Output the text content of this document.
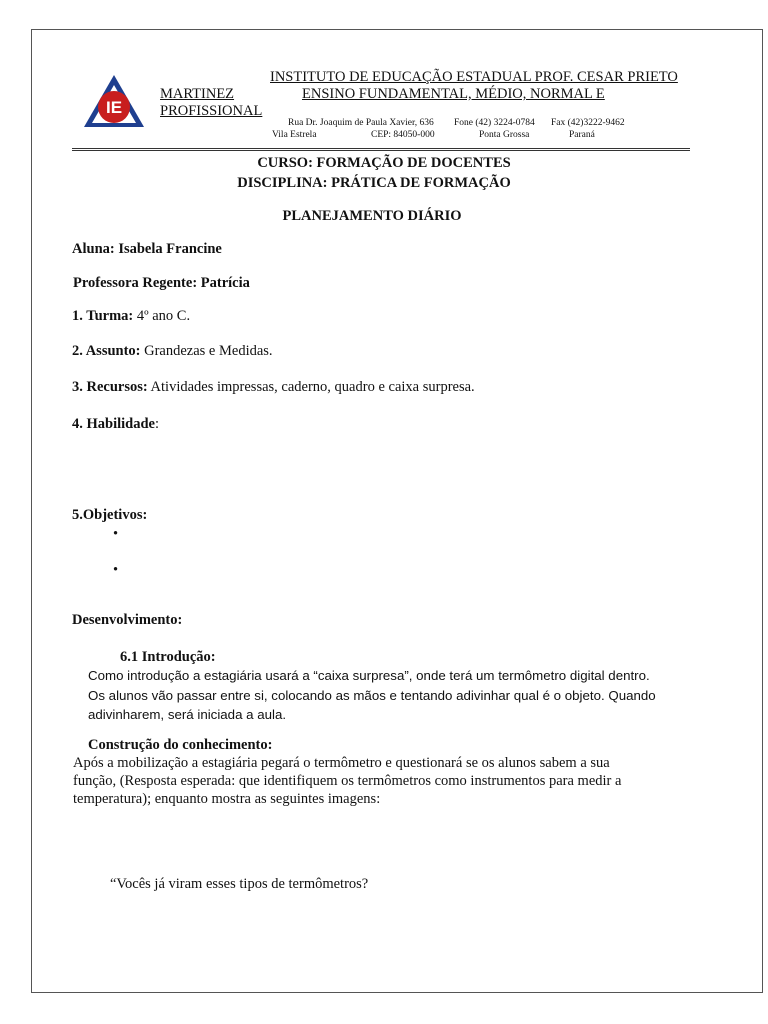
IE
INSTITUTO DE EDUCAÇÃO ESTADUAL PROF. CESAR PRIETO
MARTINEZ	ENSINO FUNDAMENTAL, MÉDIO, NORMAL E
PROFISSIONAL
Rua Dr. Joaquim de Paula Xavier, 636 Fone (42) 3224-0784 Fax (42)3222-9462
Vila Estrela	CEP: 84050-000	Ponta Grossa	Paraná
CURSO: FORMAÇÃO DE DOCENTES
DISCIPLINA: PRÁTICA DE FORMAÇÃO
PLANEJAMENTO DIÁRIO
Aluna: Isabela Francine
Professora Regente: Patrícia
1. Turma: 4º ano C.
2. Assunto: Grandezas e Medidas.
3. Recursos: Atividades impressas, caderno, quadro e caixa surpresa.
4. Habilidade:
5.Objetivos:
•
•
Desenvolvimento:
6.1 Introdução:
Como introdução a estagiária usará a “caixa surpresa”, onde terá um termômetro digital dentro. Os alunos vão passar entre si, colocando as mãos e tentando adivinhar qual é o objeto. Quando adivinharem, será iniciada a aula.
Construção do conhecimento:
Após a mobilização a estagiária pegará o termômetro e questionará se os alunos sabem a sua
função, (Resposta esperada: que identifiquem os termômetros como instrumentos para medir a
temperatura); enquanto mostra as seguintes imagens:
“Vocês já viram esses tipos de termômetros?
